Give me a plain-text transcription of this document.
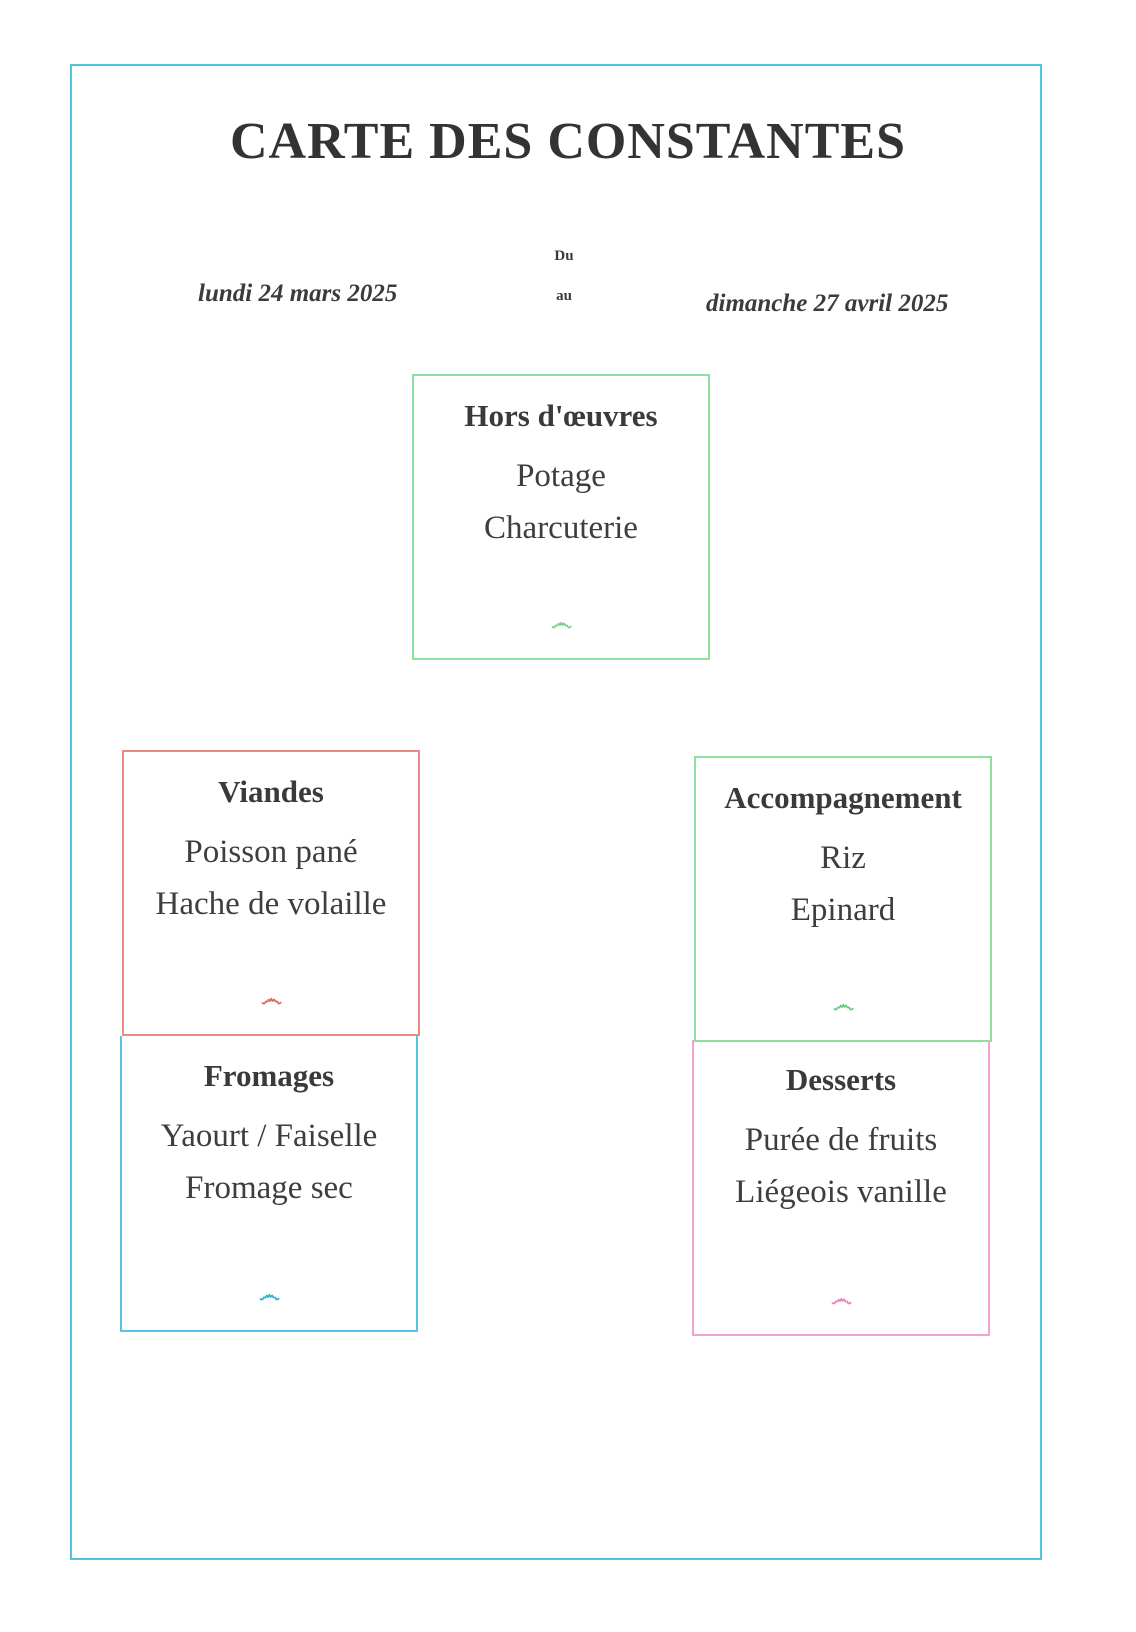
CARTE DES CONSTANTES
Du
lundi 24 mars 2025	au	dimanche 27 avril 2025
Hors d'œuvres
Potage
Charcuterie
෴
Viandes
Poisson pané
Hache de volaille
෴
Fromages
Yaourt / Faiselle
Fromage sec
෴
Accompagnement
Riz
Epinard
෴
Desserts
Purée de fruits
Liégeois vanille
෴
